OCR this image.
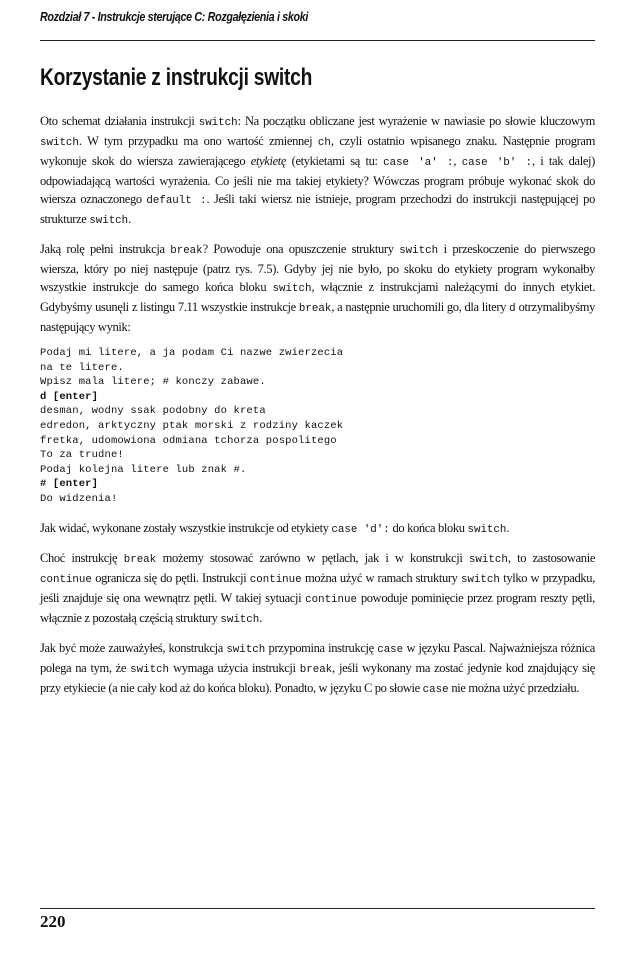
Rozdział 7 - Instrukcje sterujące C: Rozgałęzienia i skoki
Korzystanie z instrukcji switch

Oto schemat działania instrukcji switch: Na początku obliczane jest wyrażenie w nawiasie po słowie kluczowym switch. W tym przypadku ma ono wartość zmiennej ch, czyli ostatnio wpisanego znaku. Następnie program wykonuje skok do wiersza zawierającego etykietę (etykietami są tu: case 'a' :, case 'b' :, i tak dalej) odpowiadającą wartości wyrażenia. Co jeśli nie ma takiej etykiety? Wówczas program próbuje wykonać skok do wiersza oznaczonego default :. Jeśli taki wiersz nie istnieje, program przechodzi do instrukcji następującej po strukturze switch.

Jaką rolę pełni instrukcja break? Powoduje ona opuszczenie struktury switch i przeskoczenie do pierwszego wiersza, który po niej następuje (patrz rys. 7.5). Gdyby jej nie było, po skoku do etykiety program wykonałby wszystkie instrukcje do samego końca bloku switch, włącznie z instrukcjami należącymi do innych etykiet. Gdybyśmy usunęli z listingu 7.11 wszystkie instrukcje break, a następnie uruchomili go, dla litery d otrzymalibyśmy następujący wynik:

Podaj mi litere, a ja podam Ci nazwe zwierzecia
na te litere.
Wpisz mala litere; # konczy zabawe.
d [enter]
desman, wodny ssak podobny do kreta
edredon, arktyczny ptak morski z rodziny kaczek
fretka, udomowiona odmiana tchorza pospolitego
To za trudne!
Podaj kolejna litere lub znak #.
# [enter]
Do widzenia!

Jak widać, wykonane zostały wszystkie instrukcje od etykiety case 'd': do końca bloku switch.

Choć instrukcję break możemy stosować zarówno w pętlach, jak i w konstrukcji switch, to zastosowanie continue ogranicza się do pętli. Instrukcji continue można użyć w ramach struktury switch tylko w przypadku, jeśli znajduje się ona wewnątrz pętli. W takiej sytuacji continue powoduje pominięcie przez program reszty pętli, włącznie z pozostałą częścią struktury switch.

Jak być może zauważyłeś, konstrukcja switch przypomina instrukcję case w języku Pascal. Najważniejsza różnica polega na tym, że switch wymaga użycia instrukcji break, jeśli wykonany ma zostać jedynie kod znajdujący się przy etykiecie (a nie cały kod aż do końca bloku). Ponadto, w języku C po słowie case nie można użyć przedziału.

220
